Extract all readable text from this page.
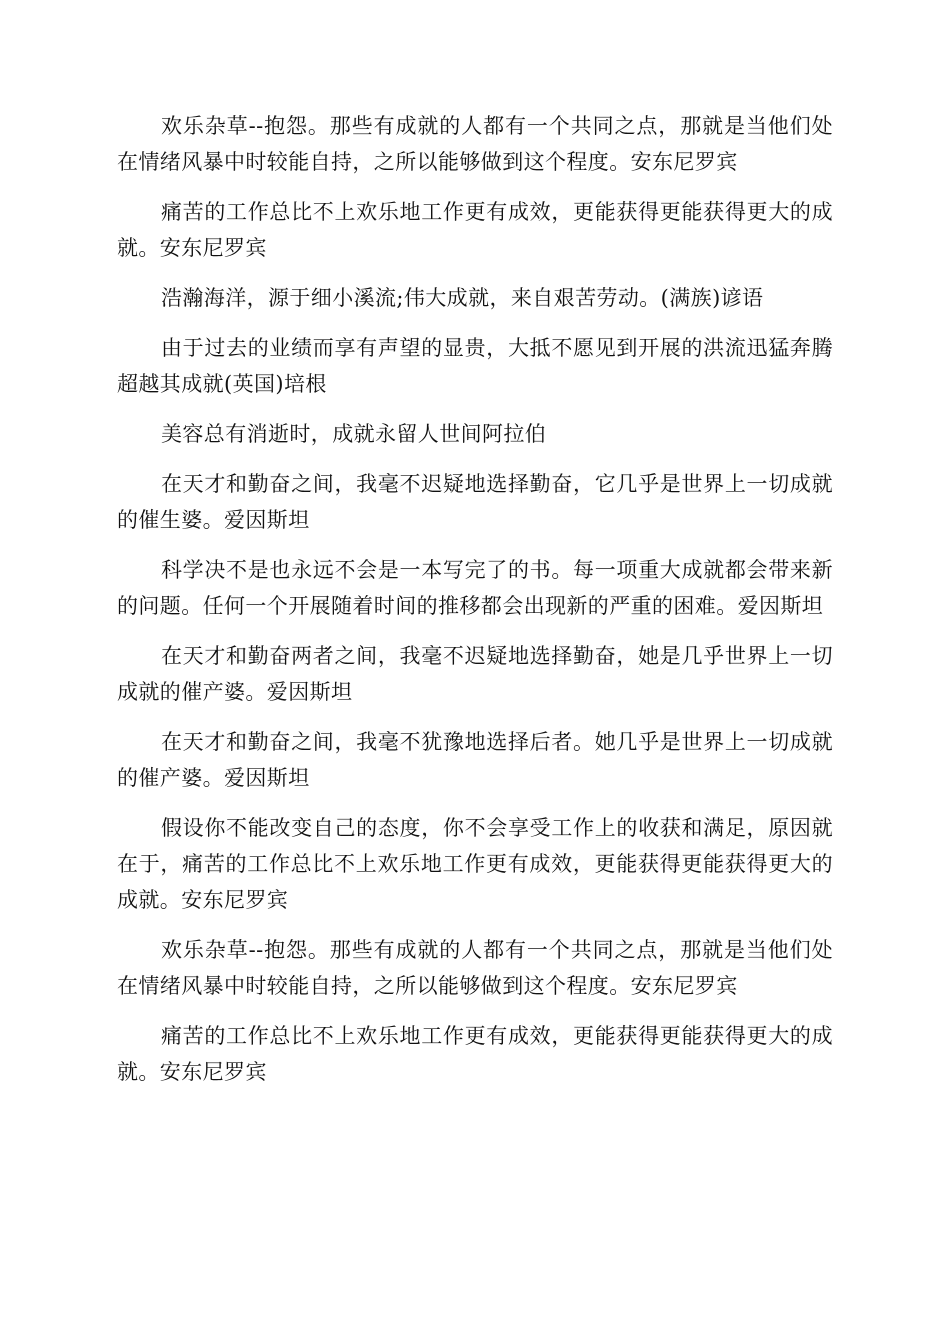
欢乐杂草--抱怨。那些有成就的人都有一个共同之点，那就是当他们处在情绪风暴中时较能自持，之所以能够做到这个程度。安东尼罗宾

痛苦的工作总比不上欢乐地工作更有成效，更能获得更能获得更大的成就。安东尼罗宾

浩瀚海洋，源于细小溪流;伟大成就，来自艰苦劳动。(满族)谚语

由于过去的业绩而享有声望的显贵，大抵不愿见到开展的洪流迅猛奔腾超越其成就(英国)培根

美容总有消逝时，成就永留人世间阿拉伯

在天才和勤奋之间，我毫不迟疑地选择勤奋，它几乎是世界上一切成就的催生婆。爱因斯坦

科学决不是也永远不会是一本写完了的书。每一项重大成就都会带来新的问题。任何一个开展随着时间的推移都会出现新的严重的困难。爱因斯坦

在天才和勤奋两者之间，我毫不迟疑地选择勤奋，她是几乎世界上一切成就的催产婆。爱因斯坦

在天才和勤奋之间，我毫不犹豫地选择后者。她几乎是世界上一切成就的催产婆。爱因斯坦

假设你不能改变自己的态度，你不会享受工作上的收获和满足，原因就在于，痛苦的工作总比不上欢乐地工作更有成效，更能获得更能获得更大的成就。安东尼罗宾

欢乐杂草--抱怨。那些有成就的人都有一个共同之点，那就是当他们处在情绪风暴中时较能自持，之所以能够做到这个程度。安东尼罗宾

痛苦的工作总比不上欢乐地工作更有成效，更能获得更能获得更大的成就。安东尼罗宾
